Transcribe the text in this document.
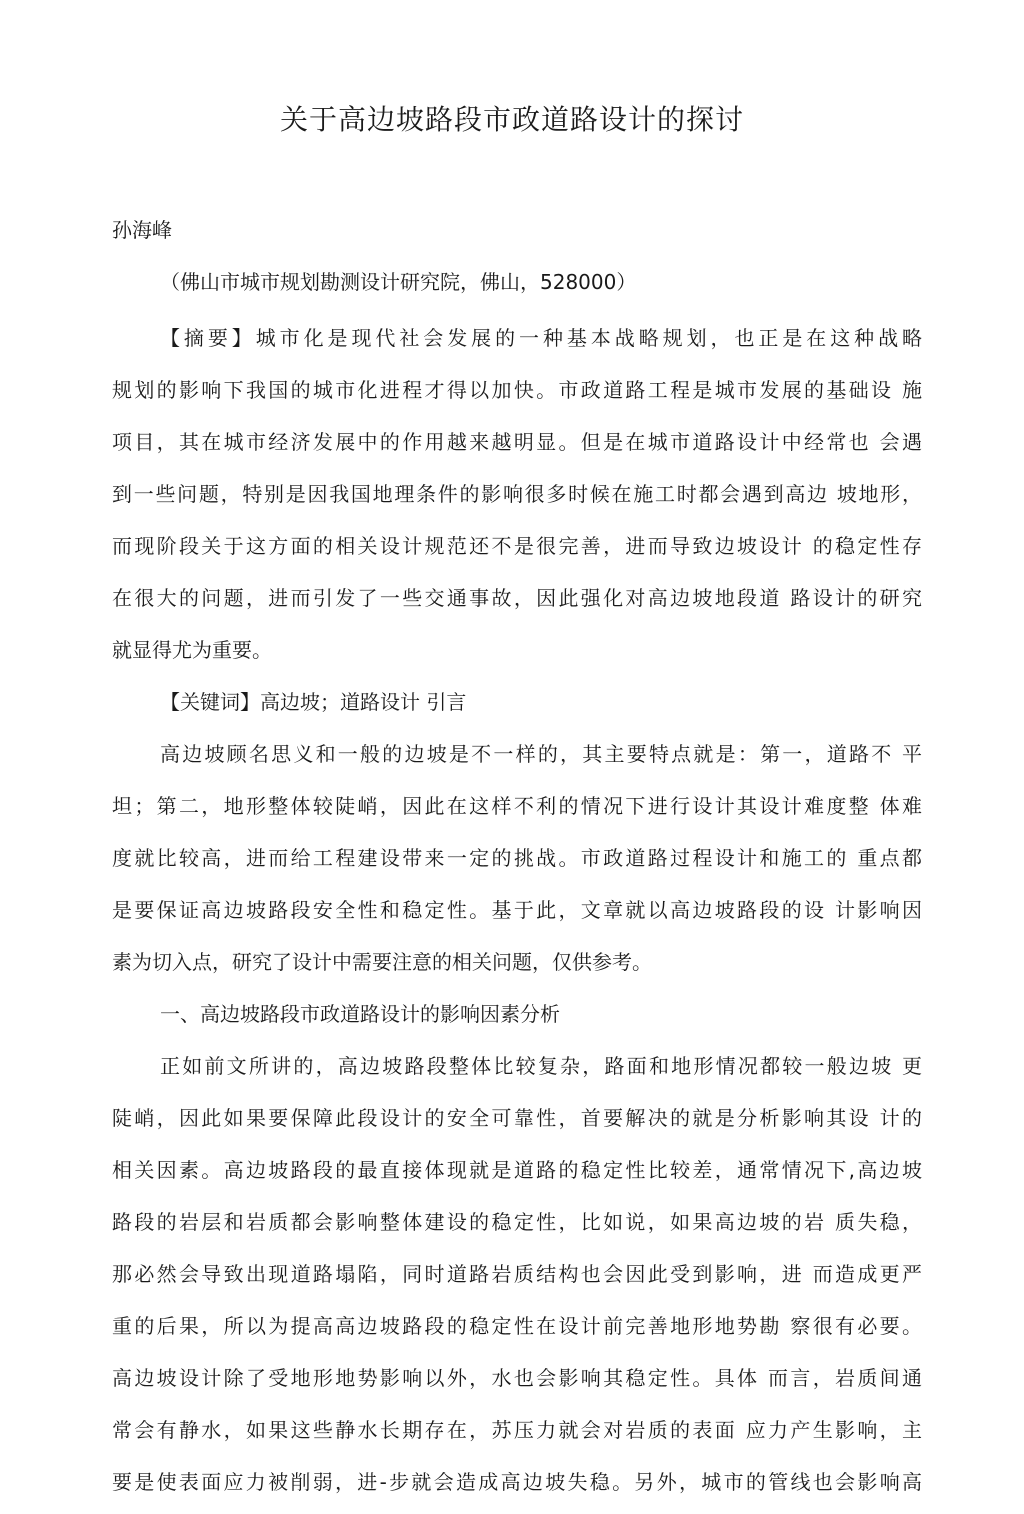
关于高边坡路段市政道路设计的探讨
孙海峰
（佛山市城市规划勘测设计研究院，佛山，528000）
【摘要】城市化是现代社会发展的一种基本战略规划，也正是在这种战略
规划的影响下我国的城市化进程才得以加快。市政道路工程是城市发展的基础设 施
项目，其在城市经济发展中的作用越来越明显。但是在城市道路设计中经常也 会遇
到一些问题，特别是因我国地理条件的影响很多时候在施工时都会遇到高边 坡地形，
而现阶段关于这方面的相关设计规范还不是很完善，进而导致边坡设计 的稳定性存
在很大的问题，进而引发了一些交通事故，因此强化对高边坡地段道 路设计的研究
就显得尤为重要。
【关键词】高边坡；道路设计 引言
高边坡顾名思义和一般的边坡是不一样的，其主要特点就是：第一，道路不 平
坦；第二，地形整体较陡峭，因此在这样不利的情况下进行设计其设计难度整 体难
度就比较高，进而给工程建设带来一定的挑战。市政道路过程设计和施工的 重点都
是要保证高边坡路段安全性和稳定性。基于此，文章就以高边坡路段的设 计影响因
素为切入点，研究了设计中需要注意的相关问题，仅供参考。
一、高边坡路段市政道路设计的影响因素分析
正如前文所讲的，高边坡路段整体比较复杂，路面和地形情况都较一般边坡 更
陡峭，因此如果要保障此段设计的安全可靠性，首要解决的就是分析影响其设 计的
相关因素。高边坡路段的最直接体现就是道路的稳定性比较差，通常情况下,高边坡
路段的岩层和岩质都会影响整体建设的稳定性，比如说，如果高边坡的岩 质失稳，
那必然会导致出现道路塌陷，同时道路岩质结构也会因此受到影响，进 而造成更严
重的后果，所以为提高高边坡路段的稳定性在设计前完善地形地势勘 察很有必要。
高边坡设计除了受地形地势影响以外，水也会影响其稳定性。具体 而言，岩质间通
常会有静水，如果这些静水长期存在，苏压力就会对岩质的表面 应力产生影响，主
要是使表面应力被削弱，进-步就会造成高边坡失稳。另外，城市的管线也会影响高
